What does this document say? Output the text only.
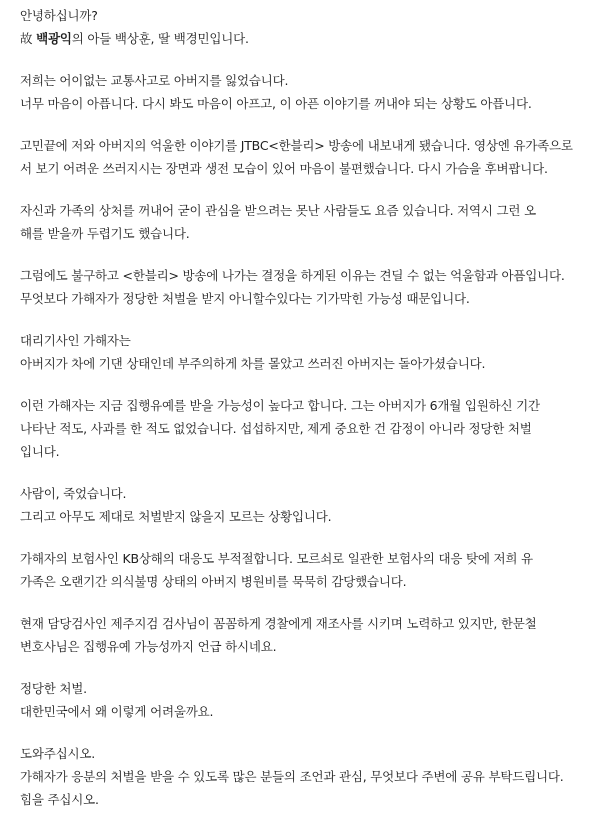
안녕하십니까?
故 백광익의 아들 백상훈, 딸 백경민입니다.
저희는 어이없는 교통사고로 아버지를 잃었습니다.
너무 마음이 아픕니다. 다시 봐도 마음이 아프고, 이 아픈 이야기를 꺼내야 되는 상황도 아픕니다.
고민끝에 저와 아버지의 억울한 이야기를 JTBC<한블리> 방송에 내보내게 됐습니다. 영상엔 유가족으로
서 보기 어려운 쓰러지시는 장면과 생전 모습이 있어 마음이 불편했습니다. 다시 가슴을 후벼팝니다.
자신과 가족의 상처를 꺼내어 굳이 관심을 받으려는 못난 사람들도 요즘 있습니다. 저역시 그런 오
해를 받을까 두렵기도 했습니다.
그럼에도 불구하고 <한블리> 방송에 나가는 결정을 하게된 이유는 견딜 수 없는 억울함과 아픔입니다.
무엇보다 가해자가 정당한 처벌을 받지 아니할수있다는 기가막힌 가능성 때문입니다.
대리기사인 가해자는
아버지가 차에 기댄 상태인데 부주의하게 차를 몰았고 쓰러진 아버지는 돌아가셨습니다.
이런 가해자는 지금 집행유예를 받을 가능성이 높다고 합니다. 그는 아버지가 6개월 입원하신 기간
나타난 적도, 사과를 한 적도 없었습니다. 섭섭하지만, 제게 중요한 건 감정이 아니라 정당한 처벌
입니다.
사람이, 죽었습니다.
그리고 아무도 제대로 처벌받지 않을지 모르는 상황입니다.
가해자의 보험사인 KB상해의 대응도 부적절합니다. 모르쇠로 일관한 보험사의 대응 탓에 저희 유
가족은 오랜기간 의식불명 상태의 아버지 병원비를 묵묵히 감당했습니다.
현재 담당검사인 제주지검 검사님이 꼼꼼하게 경찰에게 재조사를 시키며 노력하고 있지만, 한문철
변호사님은 집행유예 가능성까지 언급 하시네요.
정당한 처벌.
대한민국에서 왜 이렇게 어려울까요.
도와주십시오.
가해자가 응분의 처벌을 받을 수 있도록 많은 분들의 조언과 관심, 무엇보다 주변에 공유 부탁드립니다.
힘을 주십시오.
